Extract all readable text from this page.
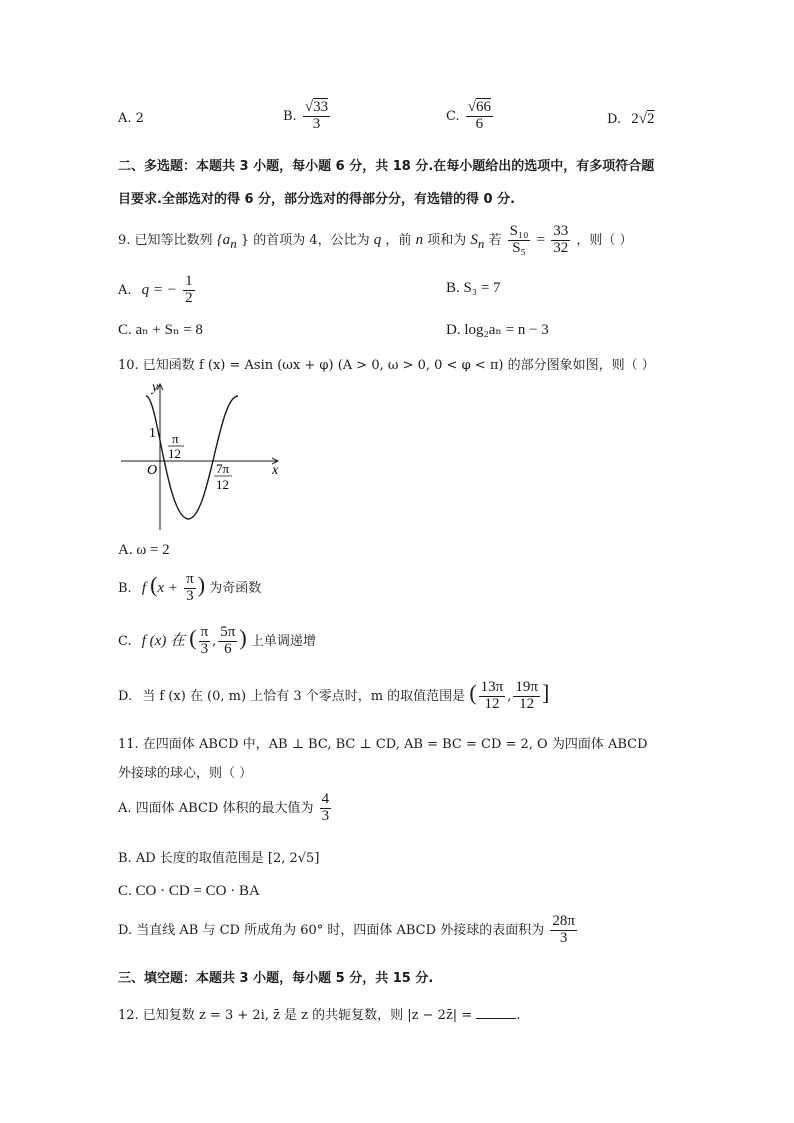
A. 2	B. $\frac{√33}{3}$	C. $\frac{√66}{6}$	D. 2√2
二、多选题：本题共 3 小题，每小题 6 分，共 18 分.在每小题给出的选项中，有多项符合题
目要求.全部选对的得 6 分，部分选对的得部分分，有选错的得 0 分.
9. 已知等比数列 {$a_n$ } 的首项为 4，公比为 q ，前 n 项和为 $S_n$ 若 $\frac{\text{S₁₀}}{\text{S₅}} = \frac{33}{32}$ ，则（ ）
A. q = − $\frac{1}{2}$	B. S₃ = 7
C. aₙ + Sₙ = 8	D. log₂aₙ = n − 3
10. 已知函数 f (x) = Asin (ωx + φ) (A > 0, ω > 0, 0 < φ < π) 的部分图象如图，则（ ）
y
x
O
1 π
12
7π
12
A. ω = 2
B. f ($x + \frac{\pi}{3}$ ) 为奇函数
C. f (x) 在 ( $\frac{\pi}{3}$ , $\frac{5\pi}{6}$ ) 上单调递增
D. 当 f (x) 在 (0, m) 上恰有 3 个零点时，m 的取值范围是 ( $\frac{13\pi}{12}$ , $\frac{19\pi}{12}$ ]
11. 在四面体 ABCD 中，AB ⊥ BC, BC ⊥ CD, AB = BC = CD = 2, O 为四面体 ABCD
外接球的球心，则（ ）
A. 四面体 ABCD 体积的最大值为 $\frac{4}{3}$
B. AD 长度的取值范围是 [2, 2√5]
C. CO · CD = CO · BA
D. 当直线 AB 与 CD 所成角为 60° 时，四面体 ABCD 外接球的表面积为 $\frac{28\pi}{3}$
三、填空题：本题共 3 小题，每小题 5 分，共 15 分.
12. 已知复数 z = 3 + 2i, z̄ 是 z 的共轭复数，则 |z − 2z̄| =	.
